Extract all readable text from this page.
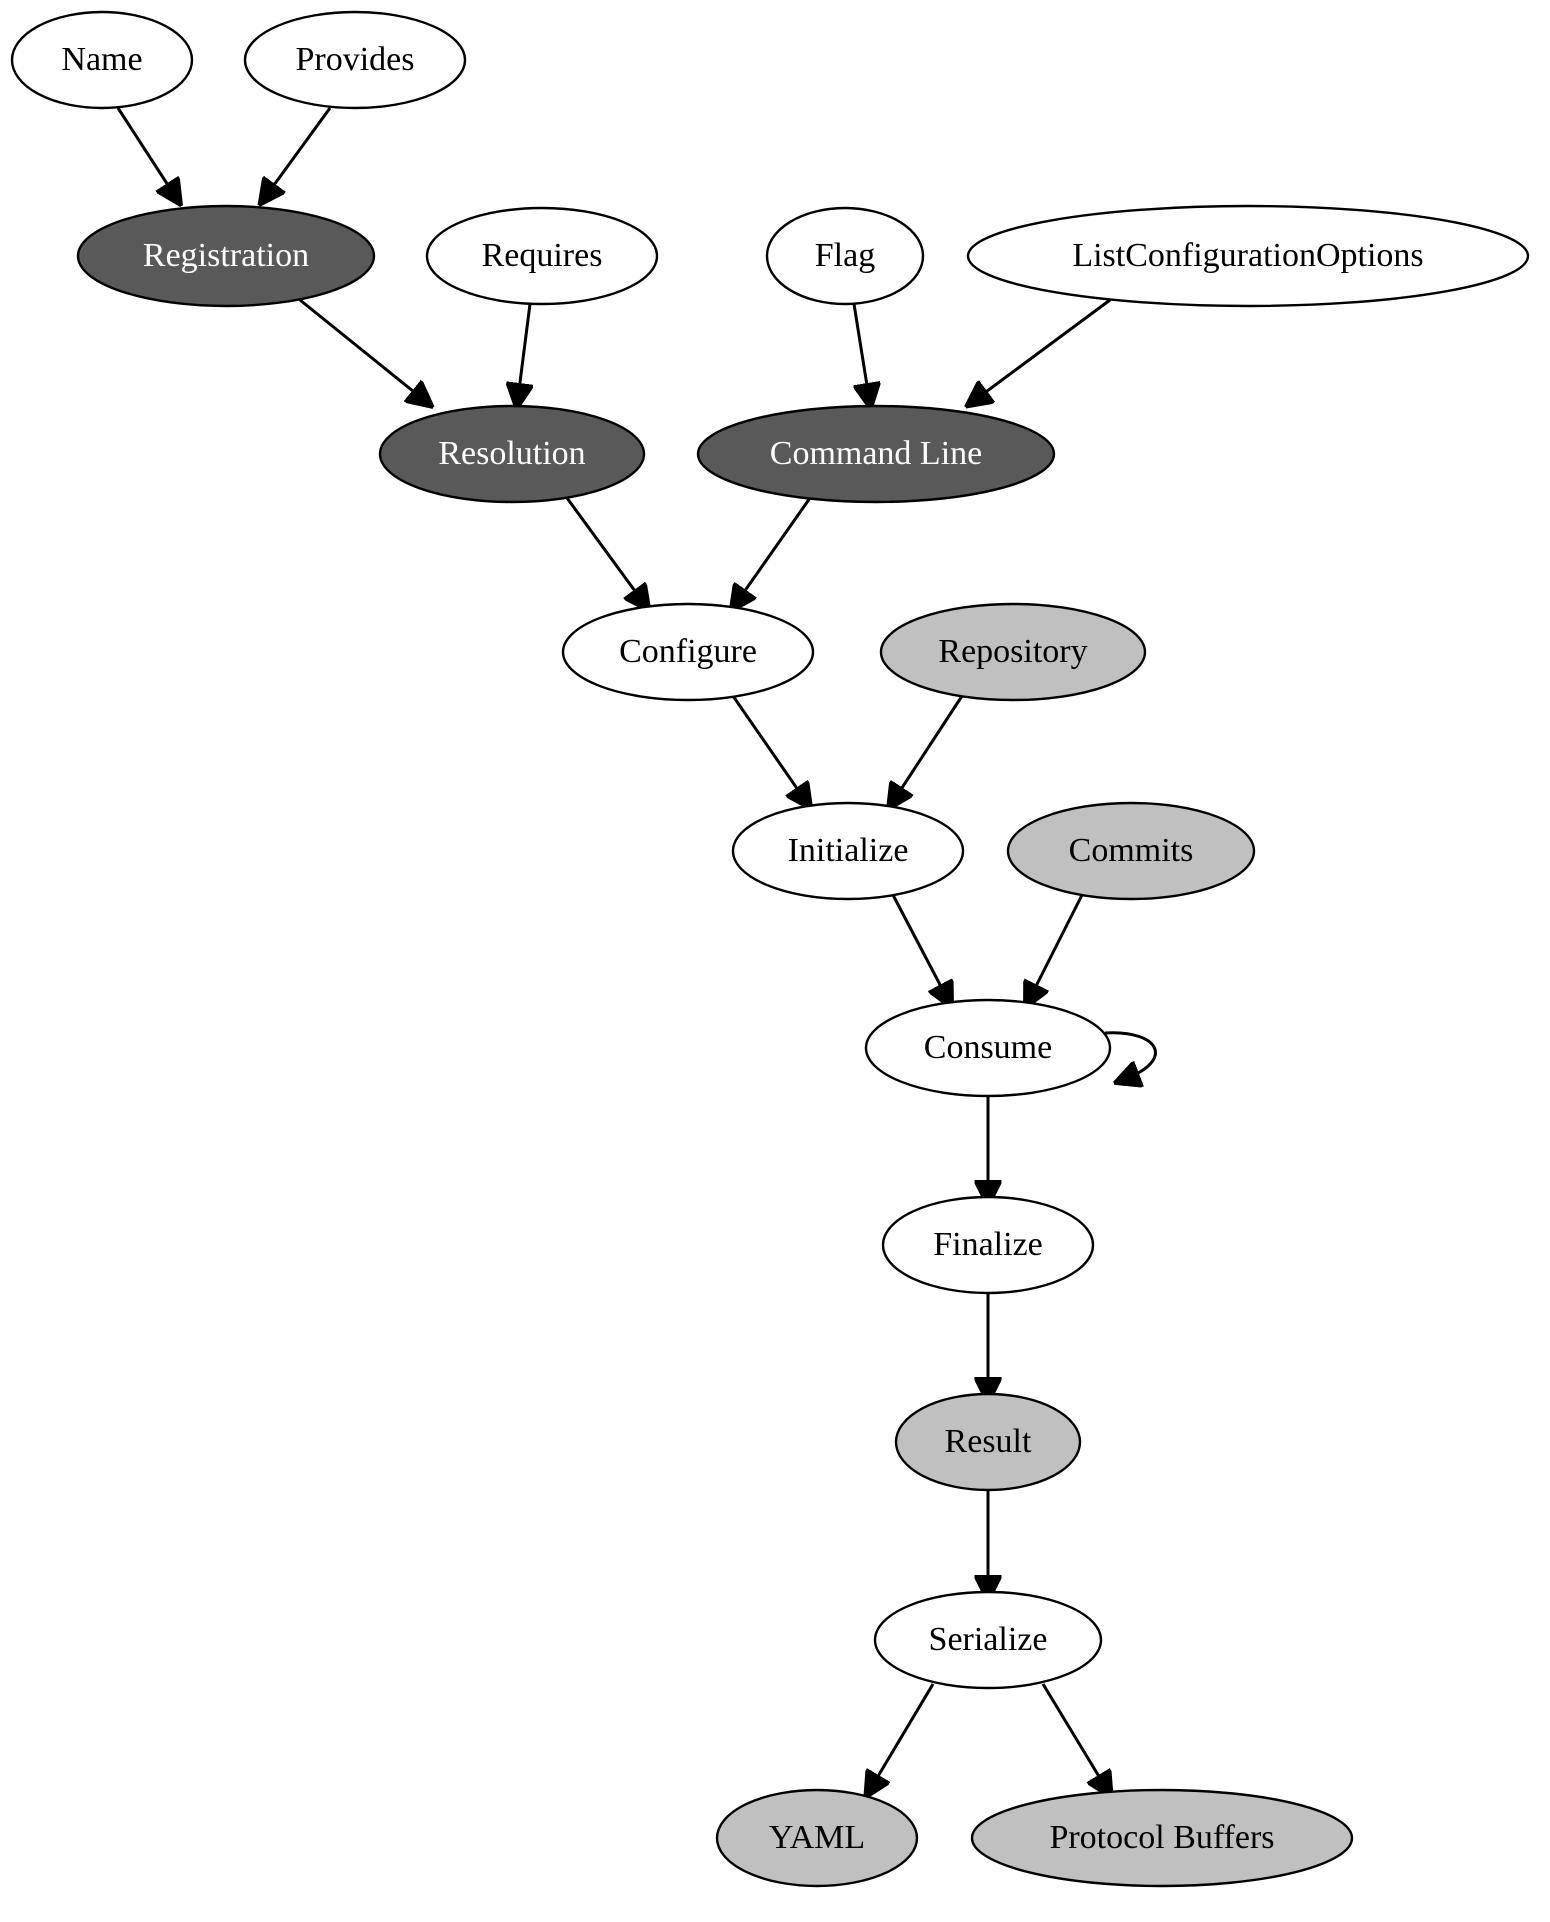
Name	Provides
Registration	Requires	Flag	ListConfigurationOptions
Resolution	Command Line
Configure	Repository
Initialize	Commits
Consume
Finalize
Result
Serialize
YAML	Protocol Buffers
